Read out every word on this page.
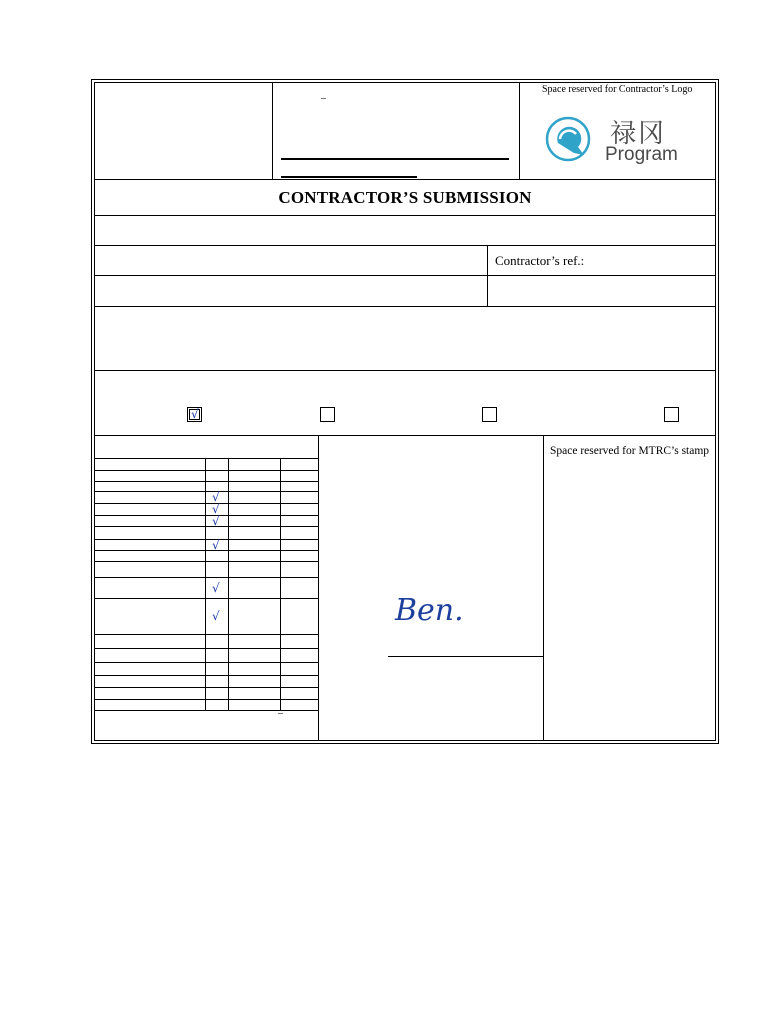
_	Space reserved for Contractor’s Logo
禄冈
Program
CONTRACTOR’S SUBMISSION
Contractor’s ref.:
√
√
√
√
√
√
√
–
Ben.
Space reserved for MTRC’s stamp
